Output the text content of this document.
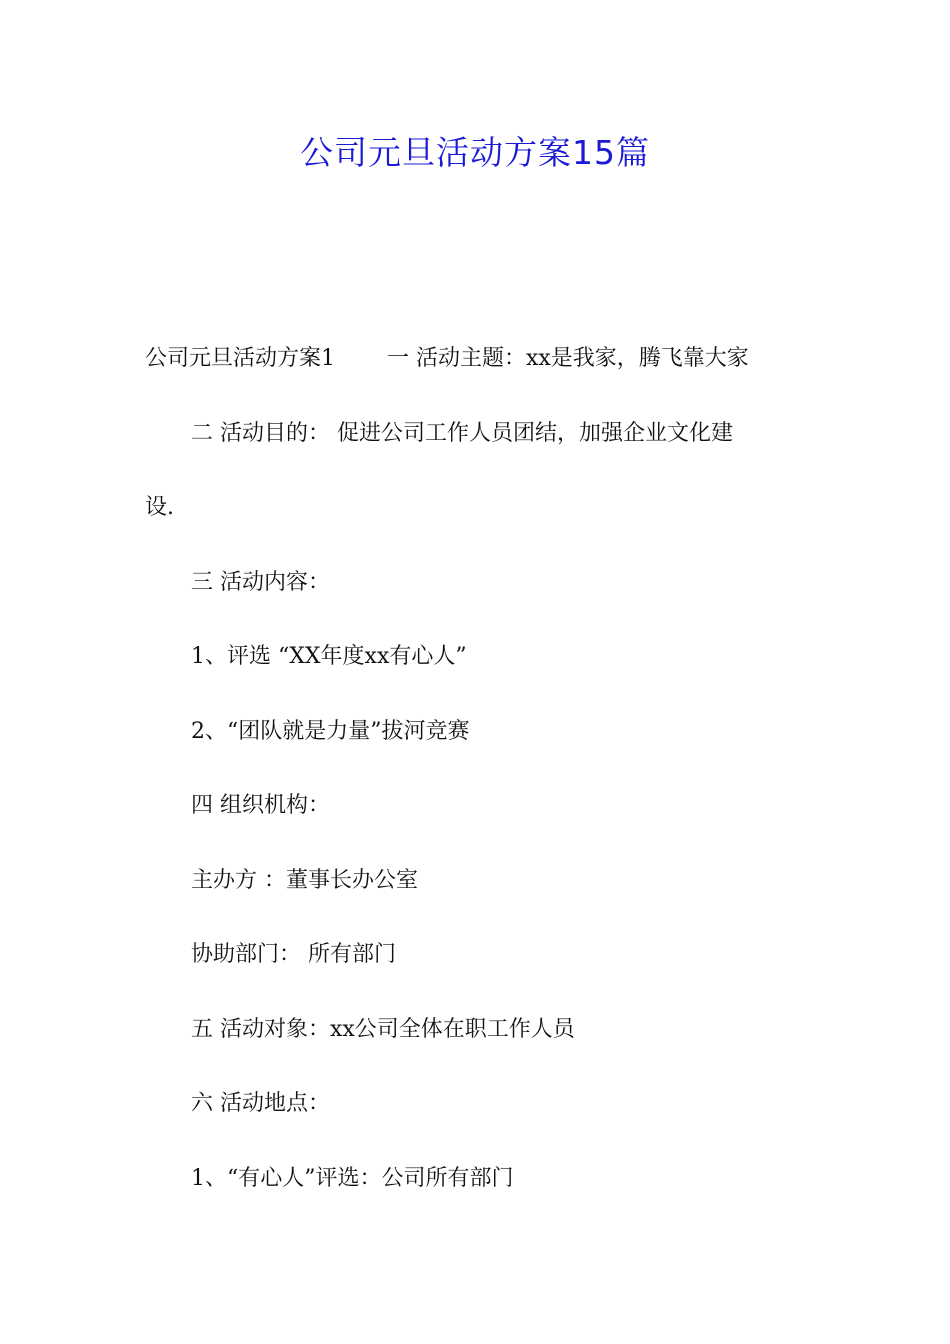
公司元旦活动方案15篇
公司元旦活动方案1 一 活动主题：xx是我家，腾飞靠大家
二 活动目的： 促进公司工作人员团结，加强企业文化建
设.
三 活动内容：
1、评选 “XX年度xx有心人”
2、“团队就是力量”拔河竞赛
四 组织机构：
主办方 ：董事长办公室
协助部门： 所有部门
五 活动对象：xx公司全体在职工作人员
六 活动地点：
1、“有心人”评选：公司所有部门
